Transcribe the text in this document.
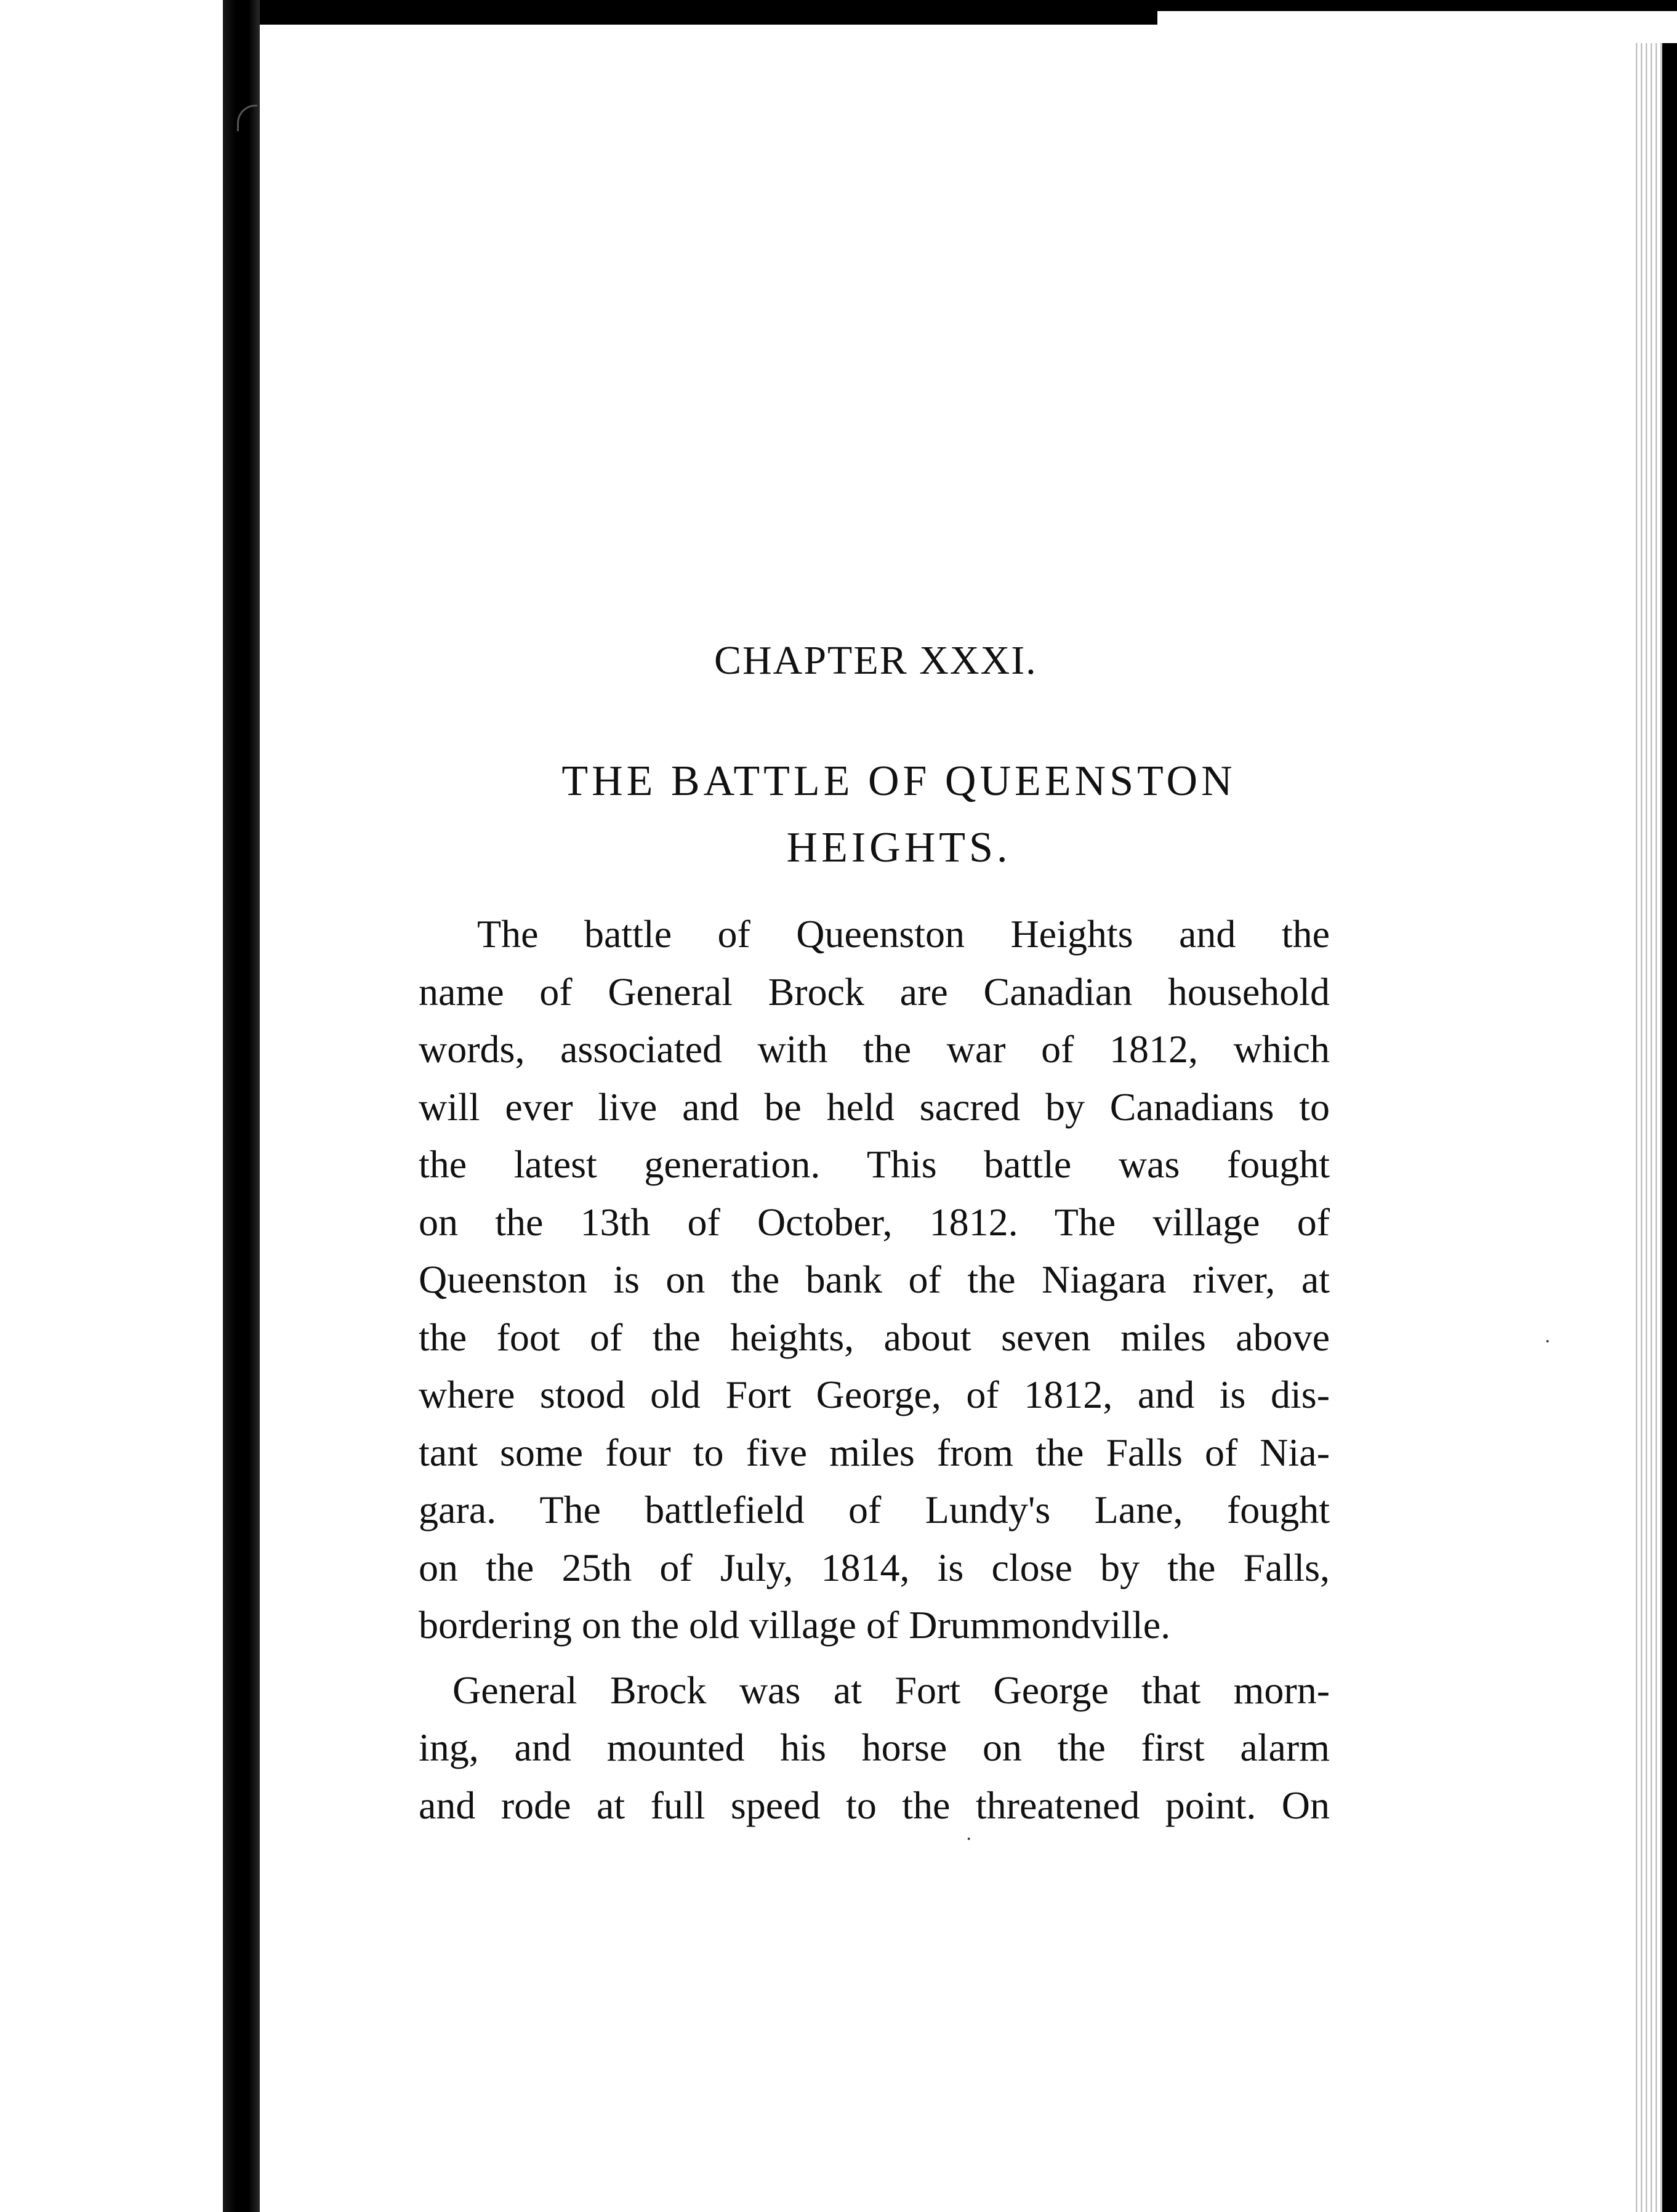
·
·
CHAPTER XXXI.
THE BATTLE OF QUEENSTON
HEIGHTS.
The battle of Queenston Heights and the
name of General Brock are Canadian household
words, associated with the war of 1812, which
will ever live and be held sacred by Canadians to
the latest generation. This battle was fought
on the 13th of October, 1812. The village of
Queenston is on the bank of the Niagara river, at
the foot of the heights, about seven miles above
where stood old Fort George, of 1812, and is dis-
tant some four to five miles from the Falls of Nia-
gara. The battlefield of Lundy's Lane, fought
on the 25th of July, 1814, is close by the Falls,
bordering on the old village of Drummondville.
General Brock was at Fort George that morn-
ing, and mounted his horse on the first alarm
and rode at full speed to the threatened point. On
